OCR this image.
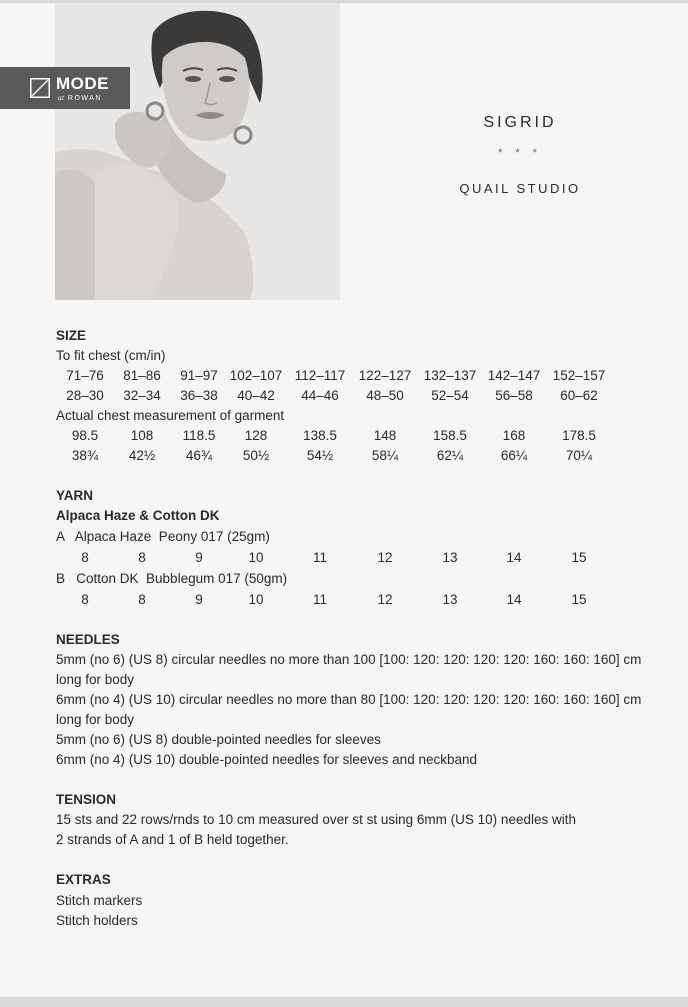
MODE
at ROWAN
SIGRID
* * *
QUAIL STUDIO
SIZE
To fit chest (cm/in)
71–76 81–86 91–97 102–107 112–117 122–127 132–137 142–147 152–157
28–30 32–34 36–38 40–42 44–46 48–50 52–54 56–58 60–62
Actual chest measurement of garment
98.5 108 118.5 128	138.5	148	158.5	168	178.5
38¾ 42½ 46¾ 50½	54½	58¼	62¼	66¼	70¼
YARN
Alpaca Haze & Cotton DK
A   Alpaca Haze  Peony 017 (25gm)
8	8	9	10	11	12	13	14	15
B   Cotton DK  Bubblegum 017 (50gm)
8	8	9	10	11	12	13	14	15
NEEDLES
5mm (no 6) (US 8) circular needles no more than 100 [100: 120: 120: 120: 120: 160: 160: 160] cm
long for body
6mm (no 4) (US 10) circular needles no more than 80 [100: 120: 120: 120: 120: 160: 160: 160] cm
long for body
5mm (no 6) (US 8) double-pointed needles for sleeves
6mm (no 4) (US 10) double-pointed needles for sleeves and neckband
TENSION
15 sts and 22 rows/rnds to 10 cm measured over st st using 6mm (US 10) needles with
2 strands of A and 1 of B held together.
EXTRAS
Stitch markers
Stitch holders
